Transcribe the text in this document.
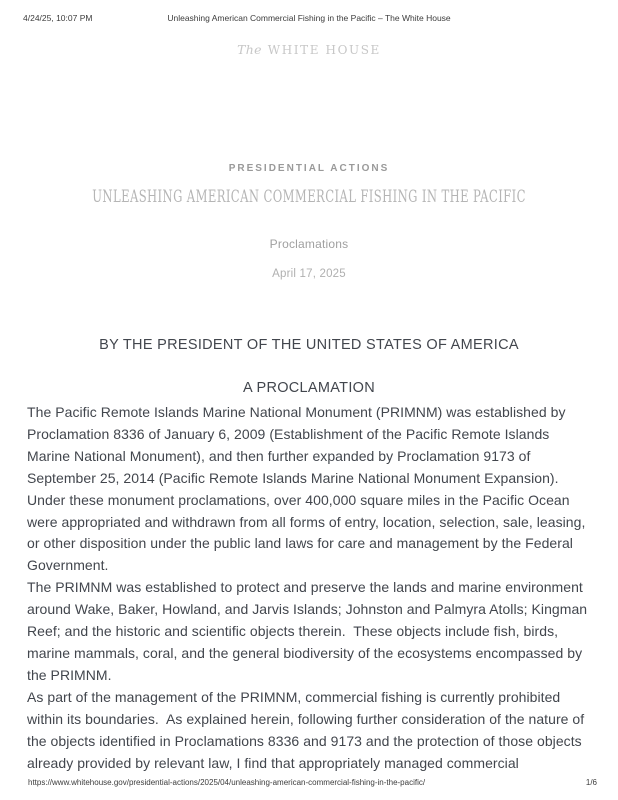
4/24/25, 10:07 PM	Unleashing American Commercial Fishing in the Pacific – The White House
The WHITE HOUSE
PRESIDENTIAL ACTIONS
UNLEASHING AMERICAN COMMERCIAL FISHING IN THE PACIFIC
Proclamations
April 17, 2025
BY THE PRESIDENT OF THE UNITED STATES OF AMERICA
A PROCLAMATION

The Pacific Remote Islands Marine National Monument (PRIMNM) was established by Proclamation 8336 of January 6, 2009 (Establishment of the Pacific Remote Islands Marine National Monument), and then further expanded by Proclamation 9173 of September 25, 2014 (Pacific Remote Islands Marine National Monument Expansion).  Under these monument proclamations, over 400,000 square miles in the Pacific Ocean were appropriated and withdrawn from all forms of entry, location, selection, sale, leasing, or other disposition under the public land laws for care and management by the Federal Government.

The PRIMNM was established to protect and preserve the lands and marine environment around Wake, Baker, Howland, and Jarvis Islands; Johnston and Palmyra Atolls; Kingman Reef; and the historic and scientific objects therein.  These objects include fish, birds, marine mammals, coral, and the general biodiversity of the ecosystems encompassed by the PRIMNM.

As part of the management of the PRIMNM, commercial fishing is currently prohibited within its boundaries.  As explained herein, following further consideration of the nature of the objects identified in Proclamations 8336 and 9173 and the protection of those objects already provided by relevant law, I find that appropriately managed commercial

https://www.whitehouse.gov/presidential-actions/2025/04/unleashing-american-commercial-fishing-in-the-pacific/	1/6
